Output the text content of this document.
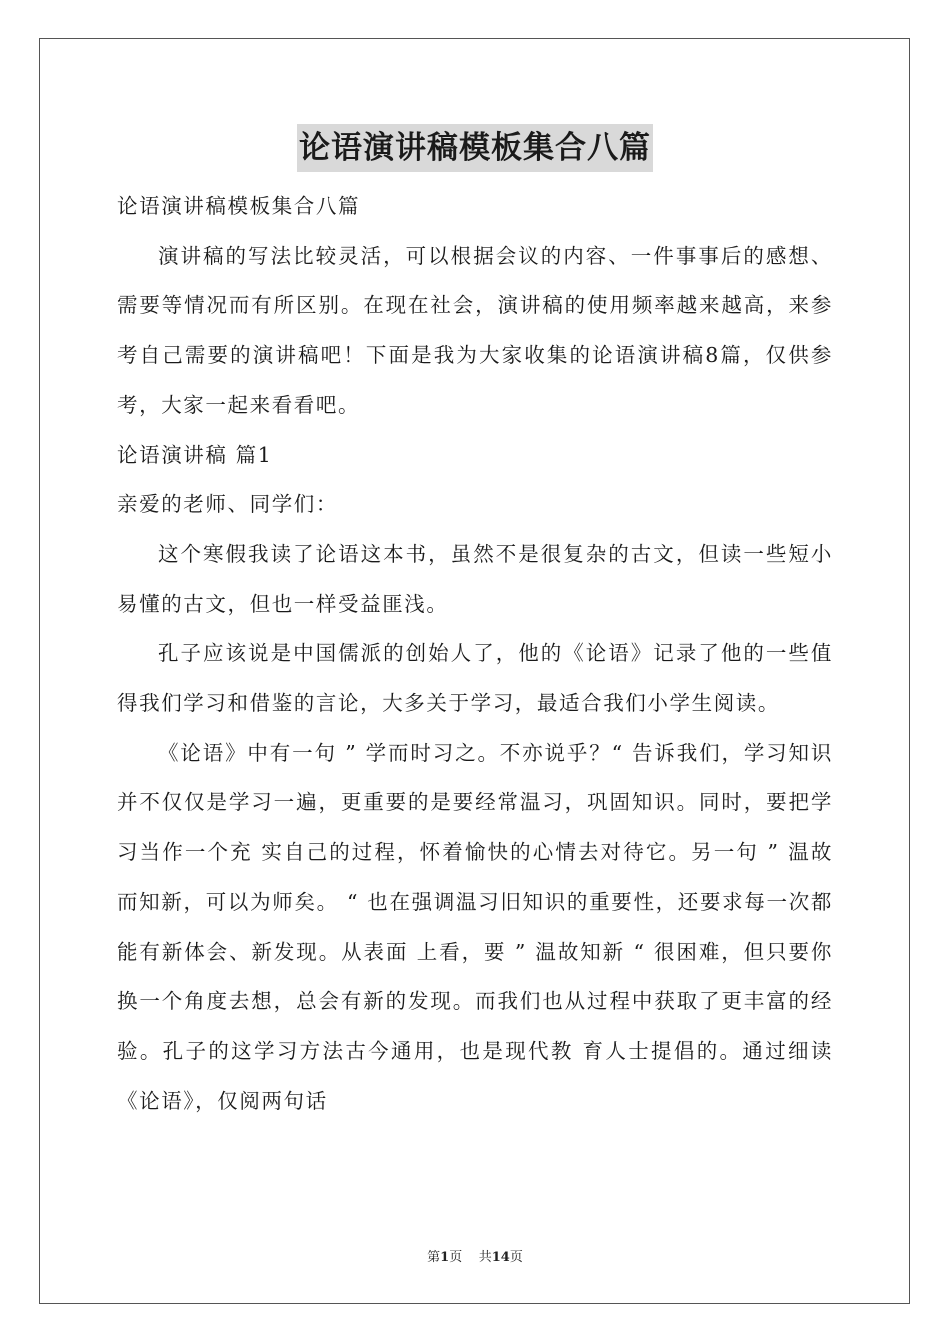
论语演讲稿模板集合八篇

论语演讲稿模板集合八篇

演讲稿的写法比较灵活，可以根据会议的内容、一件事事后的感想、需要等情况而有所区别。在现在社会，演讲稿的使用频率越来越高，来参考自己需要的演讲稿吧！下面是我为大家收集的论语演讲稿8篇，仅供参考，大家一起来看看吧。

论语演讲稿 篇1

亲爱的老师、同学们：

这个寒假我读了论语这本书，虽然不是很复杂的古文，但读一些短小易懂的古文，但也一样受益匪浅。

孔子应该说是中国儒派的创始人了，他的《论语》记录了他的一些值得我们学习和借鉴的言论，大多关于学习，最适合我们小学生阅读。

《论语》中有一句 ” 学而时习之。不亦说乎？“ 告诉我们，学习知识并不仅仅是学习一遍，更重要的是要经常温习，巩固知识。同时，要把学习当作一个充 实自己的过程，怀着愉快的心情去对待它。另一句 ” 温故而知新，可以为师矣。 “ 也在强调温习旧知识的重要性，还要求每一次都能有新体会、新发现。从表面 上看，要 ” 温故知新 “ 很困难，但只要你换一个角度去想，总会有新的发现。而我们也从过程中获取了更丰富的经验。孔子的这学习方法古今通用，也是现代教 育人士提倡的。通过细读《论语》，仅阅两句话

第1页 共14页
